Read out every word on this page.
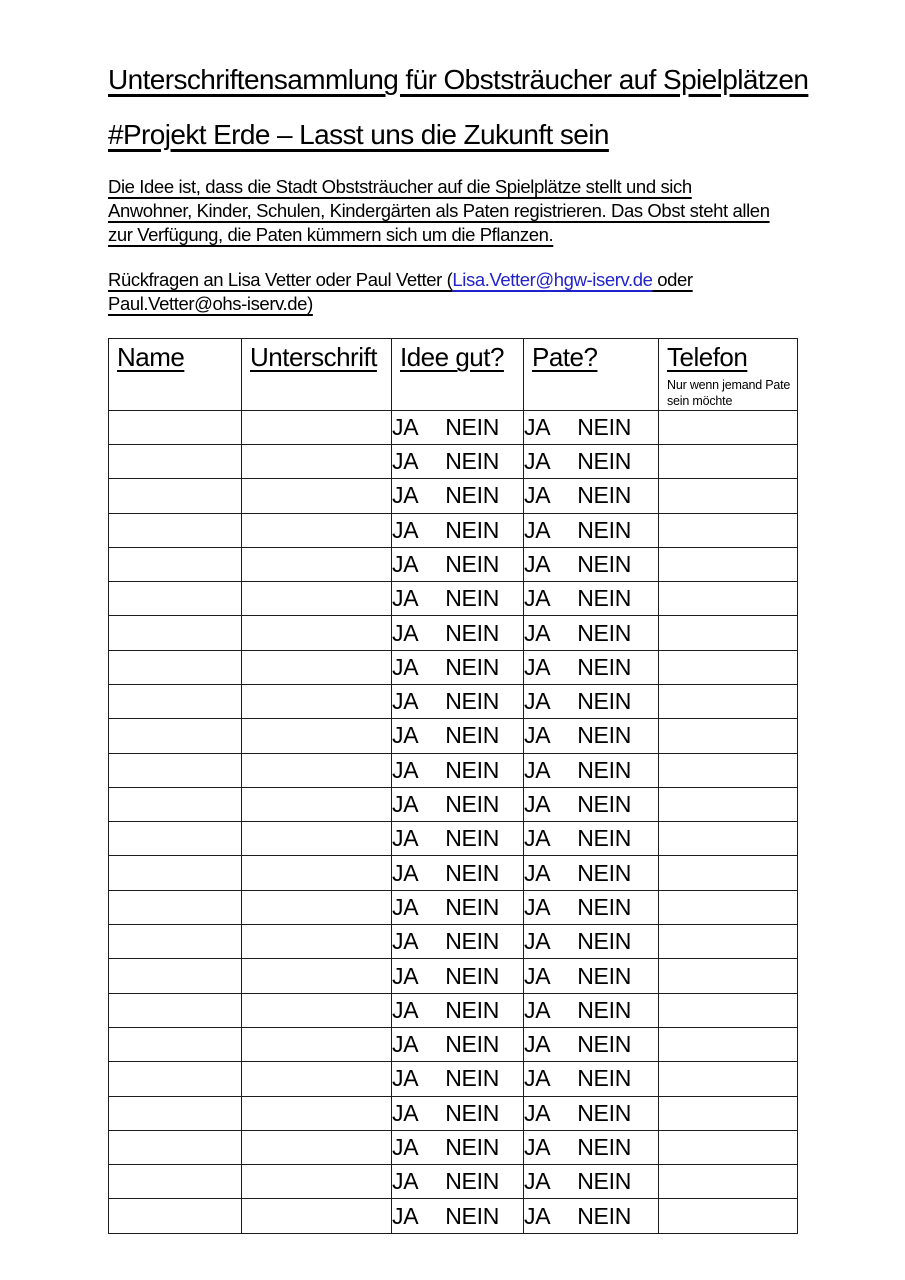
Unterschriftensammlung für Obststräucher auf Spielplätzen
#Projekt Erde – Lasst uns die Zukunft sein
Die Idee ist, dass die Stadt Obststräucher auf die Spielplätze stellt und sich
Anwohner, Kinder, Schulen, Kindergärten als Paten registrieren. Das Obst steht allen
zur Verfügung, die Paten kümmern sich um die Pflanzen.
Rückfragen an Lisa Vetter oder Paul Vetter (Lisa.Vetter@hgw-iserv.de oder
Paul.Vetter@ohs-iserv.de)
Name	Unterschrift	Idee gut?	Pate?	Telefon
Nur wenn jemand Pate sein möchte

		JA NEIN	JA NEIN	
		JA NEIN	JA NEIN	
		JA NEIN	JA NEIN	
		JA NEIN	JA NEIN	
		JA NEIN	JA NEIN	
		JA NEIN	JA NEIN	
		JA NEIN	JA NEIN	
		JA NEIN	JA NEIN	
		JA NEIN	JA NEIN	
		JA NEIN	JA NEIN	
		JA NEIN	JA NEIN	
		JA NEIN	JA NEIN	
		JA NEIN	JA NEIN	
		JA NEIN	JA NEIN	
		JA NEIN	JA NEIN	
		JA NEIN	JA NEIN	
		JA NEIN	JA NEIN	
		JA NEIN	JA NEIN	
		JA NEIN	JA NEIN	
		JA NEIN	JA NEIN	
		JA NEIN	JA NEIN	
		JA NEIN	JA NEIN	
		JA NEIN	JA NEIN	
		JA NEIN	JA NEIN	
